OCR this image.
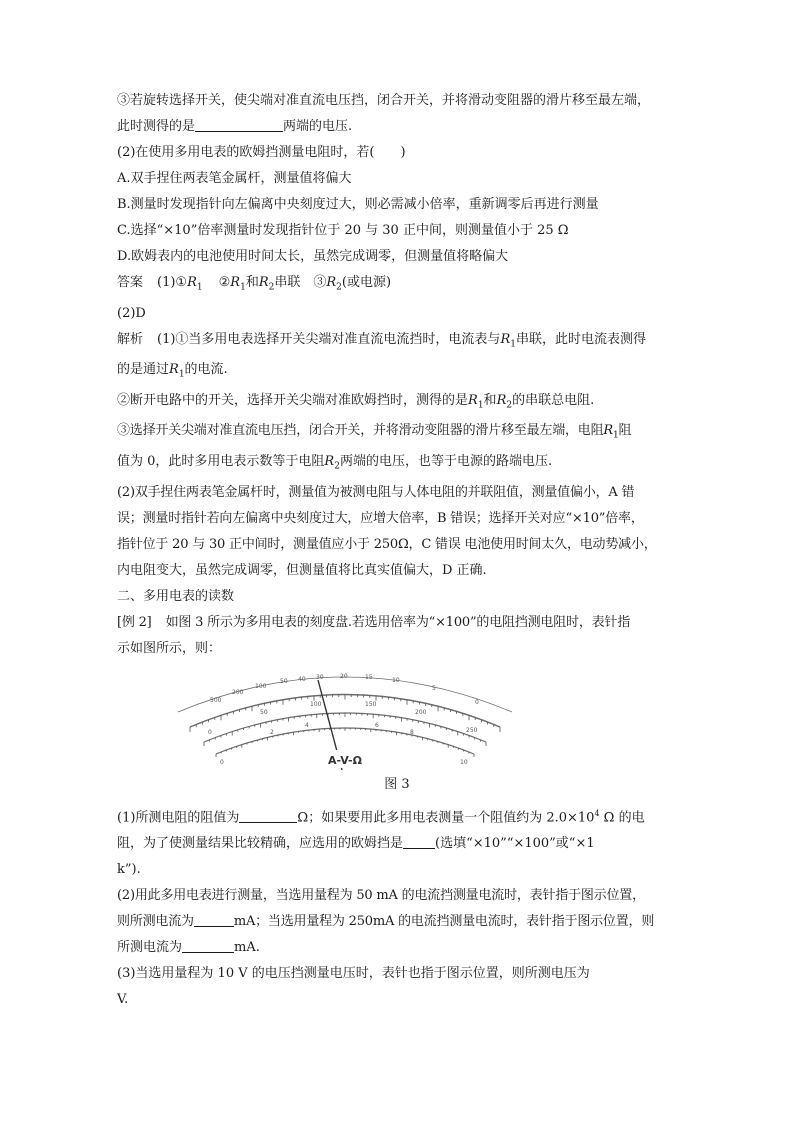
③若旋转选择开关，使尖端对准直流电压挡，闭合开关，并将滑动变阻器的滑片移至最左端，
此时测得的是	两端的电压.
(2)在使用多用电表的欧姆挡测量电阻时，若(　　)
A.双手捏住两表笔金属杆，测量值将偏大
B.测量时发现指针向左偏离中央刻度过大，则必需减小倍率，重新调零后再进行测量
C.选择“×10”倍率测量时发现指针位于 20 与 30 正中间，则测量值小于 25 Ω
D.欧姆表内的电池使用时间太长，虽然完成调零，但测量值将略偏大
答案 $(1)①R_1$ $②R_1$和$R_2$串联　$③R_2$(或电源)
(2)D
解析 (1)①当多用电表选择开关尖端对准直流电流挡时，电流表与$R_1$串联，此时电流表测得
的是通过$R_1$的电流.
②断开电路中的开关，选择开关尖端对准欧姆挡时，测得的是$R_1$和$R_2$的串联总电阻.
③选择开关尖端对准直流电压挡，闭合开关，并将滑动变阻器的滑片移至最左端，电阻$R_1$阻
值为 0，此时多用电表示数等于电阻$R_2$两端的电压，也等于电源的路端电压.
(2)双手捏住两表笔金属杆时，测量值为被测电阻与人体电阻的并联阻值，测量值偏小，A 错
误；测量时指针若向左偏离中央刻度过大，应增大倍率，B 错误；选择开关对应“×10”倍率，
指针位于 20 与 30 正中间时，测量值应小于 250Ω，C 错误 电池使用时间太久，电动势减小，
内电阻变大，虽然完成调零，但测量值将比真实值偏大，D 正确.
二、多用电表的读数
[例 2] 如图 3 所示为多用电表的刻度盘.若选用倍率为“×100”的电阻挡测电阻时，表针指
示如图所示，则：
A-V-Ω
500
200
100
50 40 30	20	15	10
5
0
0
50
100	150
200
250
0
2
4	6
8
10
图 3
(1)所测电阻的阻值为	Ω；如果要用此多用电表测量一个阻值约为 $2.0\times 10^4$ Ω 的电
阻，为了使测量结果比较精确，应选用的欧姆挡是 (选填“×10”“×100”或“×1
k”).
(2)用此多用电表进行测量，当选用量程为 50 mA 的电流挡测量电流时，表针指于图示位置，
则所测电流为	mA；当选用量程为 250mA 的电流挡测量电流时，表针指于图示位置，则
所测电流为	mA.
(3)当选用量程为 10 V 的电压挡测量电压时，表针也指于图示位置，则所测电压为
V.
